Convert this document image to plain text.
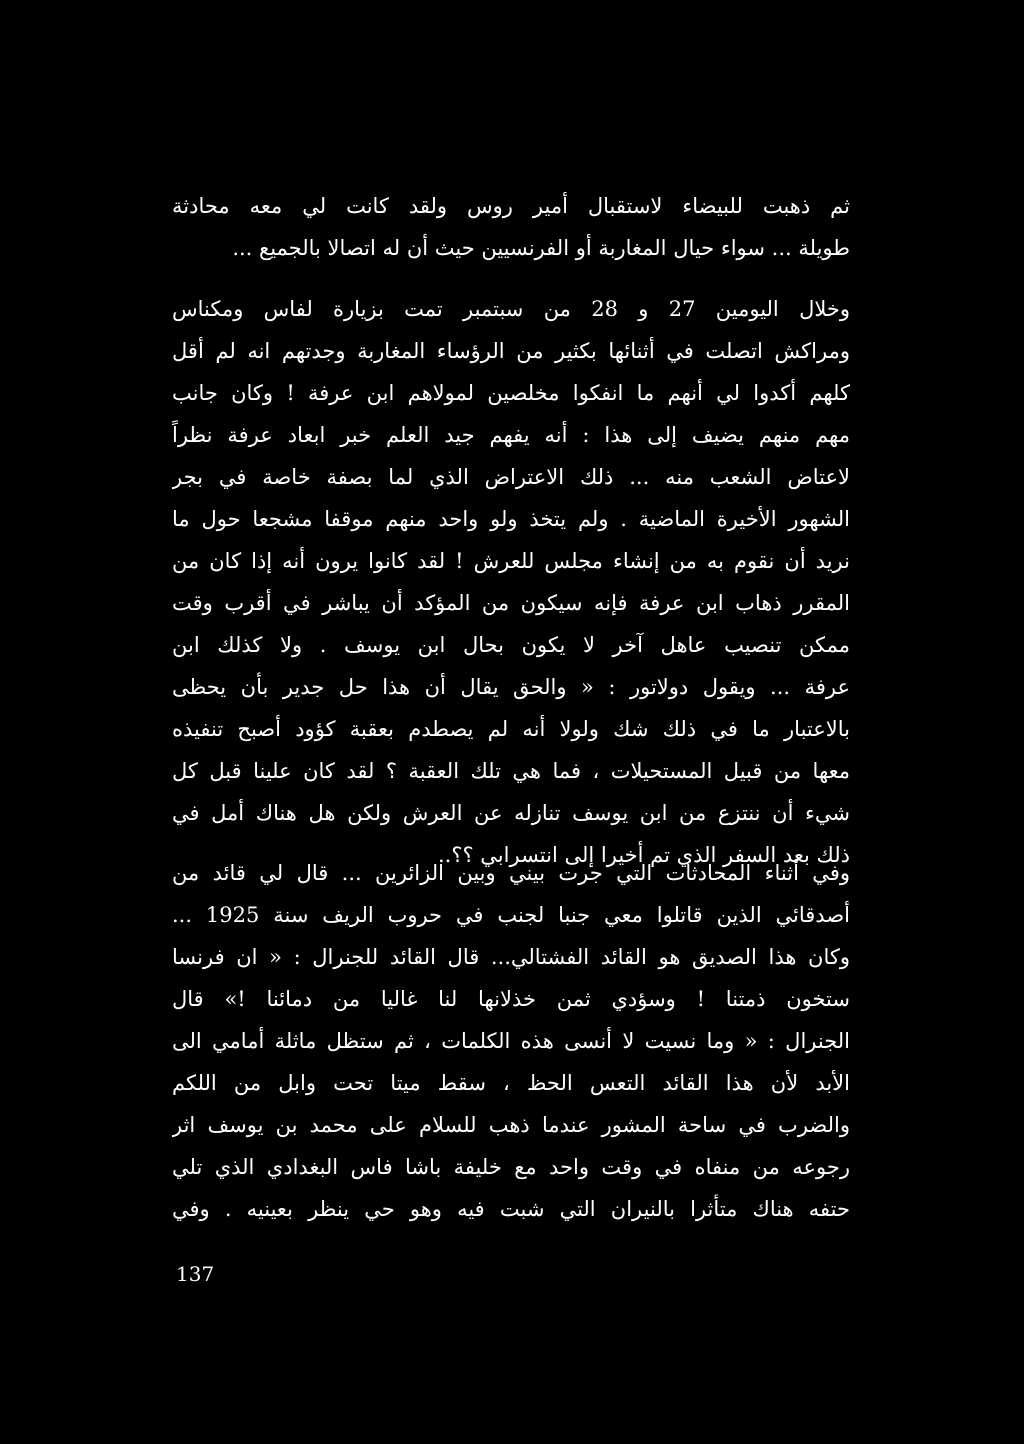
ثم ذهبت للبيضاء لاستقبال أمير روس ولقد كانت لي معه محادثة
طويلة ... سواء حيال المغاربة أو الفرنسيين حيث أن له اتصالا بالجميع ...
وخلال اليومين 27 و 28 من سبتمبر تمت بزيارة لفاس ومكناس
ومراكش اتصلت في أثنائها بكثير من الرؤساء المغاربة وجدتهم انه لم أقل
كلهم أكدوا لي أنهم ما انفكوا مخلصين لمولاهم ابن عرفة ! وكان جانب
مهم منهم يضيف إلى هذا : أنه يفهم جيد العلم خبر ابعاد عرفة نظراً
لاعتاض الشعب منه ... ذلك الاعتراض الذي لما بصفة خاصة في بجر
الشهور الأخيرة الماضية . ولم يتخذ ولو واحد منهم موقفا مشجعا حول ما
نريد أن نقوم به من إنشاء مجلس للعرش ! لقد كانوا يرون أنه إذا كان من
المقرر ذهاب ابن عرفة فإنه سيكون من المؤكد أن يباشر في أقرب وقت
ممكن تنصيب عاهل آخر لا يكون بحال ابن يوسف . ولا كذلك ابن
عرفة ... ويقول دولاتور : « والحق يقال أن هذا حل جدير بأن يحظى
بالاعتبار ما في ذلك شك ولولا أنه لم يصطدم بعقبة كؤود أصبح تنفيذه
معها من قبيل المستحيلات ، فما هي تلك العقبة ؟ لقد كان علينا قبل كل
شيء أن ننتزع من ابن يوسف تنازله عن العرش ولكن هل هناك أمل في
ذلك بعد السفر الذي تم أخيرا إلى انتسرابي ؟؟..
وفي أثناء المحادثات التي جرت بيني وبين الزائرين ... قال لي قائد من
أصدقائي الذين قاتلوا معي جنبا لجنب في حروب الريف سنة 1925 ...
وكان هذا الصديق هو القائد الفشتالي... قال القائد للجنرال : « ان فرنسا
ستخون ذمتنا ! وسؤدي ثمن خذلانها لنا غاليا من دمائنا !» قال
الجنرال : « وما نسيت لا أنسى هذه الكلمات ، ثم ستظل ماثلة أمامي الى
الأبد لأن هذا القائد التعس الحظ ، سقط ميتا تحت وابل من اللكم
والضرب في ساحة المشور عندما ذهب للسلام على محمد بن يوسف اثر
رجوعه من منفاه في وقت واحد مع خليفة باشا فاس البغدادي الذي تلي
حتفه هناك متأثرا بالنيران التي شبت فيه وهو حي ينظر بعينيه . وفي
137
